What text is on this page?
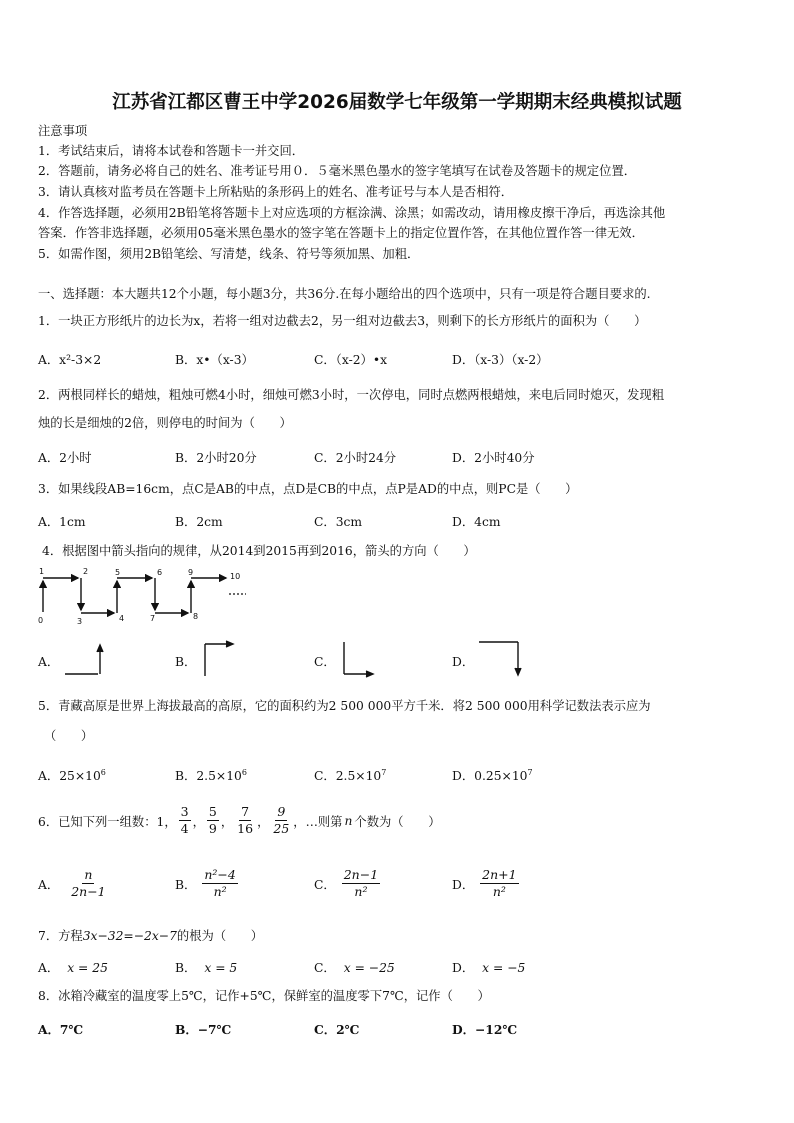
江苏省江都区曹王中学2026届数学七年级第一学期期末经典模拟试题
注意事项
1．考试结束后，请将本试卷和答题卡一并交回．
2．答题前，请务必将自己的姓名、准考证号用０．５毫米黑色墨水的签字笔填写在试卷及答题卡的规定位置．
3．请认真核对监考员在答题卡上所粘贴的条形码上的姓名、准考证号与本人是否相符．
4．作答选择题，必须用2B铅笔将答题卡上对应选项的方框涂满、涂黑；如需改动，请用橡皮擦干净后，再选涂其他
答案．作答非选择题，必须用05毫米黑色墨水的签字笔在答题卡上的指定位置作答，在其他位置作答一律无效．
5．如需作图，须用2B铅笔绘、写清楚，线条、符号等须加黑、加粗．
一、选择题：本大题共12个小题，每小题3分，共36分.在每小题给出的四个选项中，只有一项是符合题目要求的.
1．一块正方形纸片的边长为x，若将一组对边截去2，另一组对边截去3，则剩下的长方形纸片的面积为（　　）
A．x²-3×2	B．x•（x-3）	C．（x-2）•x	D．（x-3）（x-2）
2．两根同样长的蜡烛，粗烛可燃4小时，细烛可燃3小时，一次停电，同时点燃两根蜡烛，来电后同时熄灭，发现粗
烛的长是细烛的2倍，则停电的时间为（　　）
A．2小时	B．2小时20分	C．2小时24分	D．2小时40分
3．如果线段AB=16cm，点C是AB的中点，点D是CB的中点，点P是AD的中点，则PC是（　　）
A．1cm	B．2cm	C．3cm	D．4cm
4．根据图中箭头指向的规律，从2014到2015再到2016，箭头的方向（　　）
1	2	5	6	9	10
0	3	4	7	8
A．	B．	C．	D．
5．青藏高原是世界上海拔最高的高原，它的面积约为2 500 000平方千米．将2 500 000用科学记数法表示应为
（　　）
A．$25\times 10^6$	B．$2.5\times 10^6$	C．$2.5\times 10^7$	D．$0.25\times 10^7$
6．已知下列一组数：1， $\frac{3}{4}$ ， $\frac{5}{9}$ ， $\frac{7}{16}$ ， $\frac{9}{25}$ ，…则第 n 个数为（　　）
A． $\frac{n}{2n-1}$	B． $\frac{\text{n²−4}}{\text{n²}}$	C． $\frac{2n-1}{\text{n²}}$	D． $\frac{2n+1}{\text{n²}}$
7．方程3x−32=−2x−7的根为（　　）
A． x = 25	B． x = 5	C． x = −25	D． x = −5
8．冰箱冷藏室的温度零上5℃，记作+5℃，保鲜室的温度零下7℃，记作（　　）
A．7℃	B．−7℃	C．2℃	D．−12℃
